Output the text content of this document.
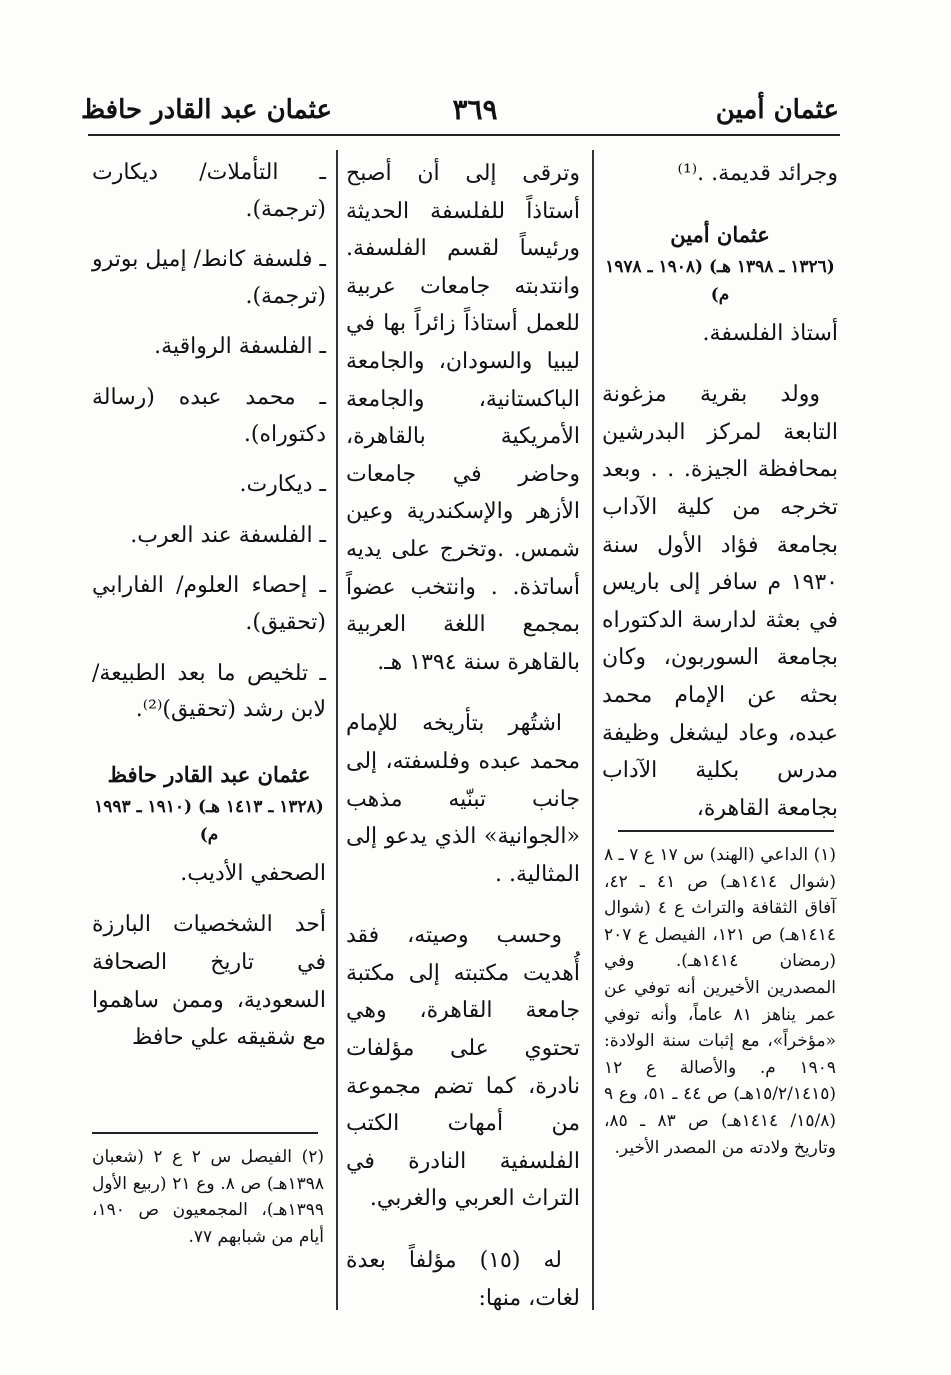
عثمان أمين
٣٦٩
عثمان عبد القادر حافظ

وجرائد قديمة. .⁽¹⁾

عثمان أمين

(١٣٢٦ ـ ١٣٩٨ هـ) (١٩٠٨ ـ ١٩٧٨ م)

أستاذ الفلسفة.

وولد بقرية مزغونة التابعة لمركز البدرشين بمحافظة الجيزة. . . وبعد تخرجه من كلية الآداب بجامعة فؤاد الأول سنة ١٩٣٠ م سافر إلى باريس في بعثة لدارسة الدكتوراه بجامعة السوربون، وكان بحثه عن الإمام محمد عبده، وعاد ليشغل وظيفة مدرس بكلية الآداب بجامعة القاهرة،

(١) الداعي (الهند) س ١٧ ع ٧ ـ ٨ (شوال ١٤١٤هـ) ص ٤١ ـ ٤٢، آفاق الثقافة والتراث ع ٤ (شوال ١٤١٤هـ) ص ١٢١، الفيصل ع ٢٠٧ (رمضان ١٤١٤هـ). وفي المصدرين الأخيرين أنه توفي عن عمر يناهز ٨١ عاماً، وأنه توفي «مؤخراً»، مع إثبات سنة الولادة: ١٩٠٩ م. والأصالة ع ١٢ (١٥/٢/١٤١٥هـ) ص ٤٤ ـ ٥١، وع ٩ (١٥/٨/ ١٤١٤هـ) ص ٨٣ ـ ٨٥، وتاريخ ولادته من المصدر الأخير.

وترقى إلى أن أصبح أستاذاً للفلسفة الحديثة ورئيساً لقسم الفلسفة. وانتدبته جامعات عربية للعمل أستاذاً زائراً بها في ليبيا والسودان، والجامعة الباكستانية، والجامعة الأمريكية بالقاهرة، وحاضر في جامعات الأزهر والإسكندرية وعين شمس. .وتخرج على يديه أساتذة. . وانتخب عضواً بمجمع اللغة العربية بالقاهرة سنة ١٣٩٤ هـ.

اشتُهر بتأريخه للإمام محمد عبده وفلسفته، إلى جانب تبنّيه مذهب «الجوانية» الذي يدعو إلى المثالية. .

وحسب وصيته، فقد أُهديت مكتبته إلى مكتبة جامعة القاهرة، وهي تحتوي على مؤلفات نادرة، كما تضم مجموعة من أمهات الكتب الفلسفية النادرة في التراث العربي والغربي.

له (١٥) مؤلفاً بعدة لغات، منها:

ـ التأملات/ ديكارت (ترجمة).

ـ فلسفة كانط/ إميل بوترو (ترجمة).

ـ الفلسفة الرواقية.

ـ محمد عبده (رسالة دكتوراه).

ـ ديكارت.

ـ الفلسفة عند العرب.

ـ إحصاء العلوم/ الفارابي (تحقيق).

ـ تلخيص ما بعد الطبيعة/ لابن رشد (تحقيق)⁽²⁾.

عثمان عبد القادر حافظ

(١٣٢٨ ـ ١٤١٣ هـ) (١٩١٠ ـ ١٩٩٣ م)

الصحفي الأديب.

أحد الشخصيات البارزة في تاريخ الصحافة السعودية، وممن ساهموا مع شقيقه علي حافظ

(٢) الفيصل س ٢ ع ٢ (شعبان ١٣٩٨هـ) ص ٨. وع ٢١ (ربيع الأول ١٣٩٩هـ)، المجمعيون ص ١٩٠، أيام من شبابهم ٧٧.
